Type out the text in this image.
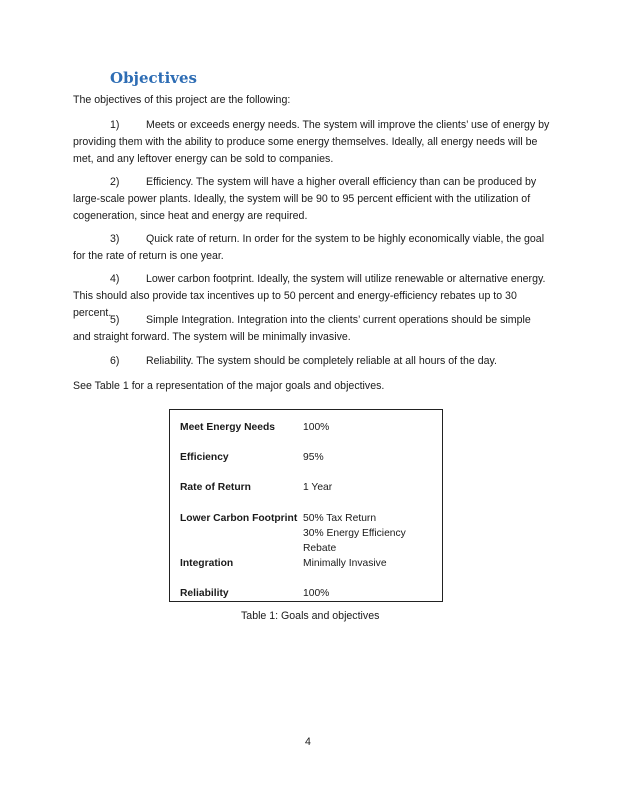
Objectives
The objectives of this project are the following:
1)	Meets or exceeds energy needs. The system will improve the clients’ use of energy by providing them with the ability to produce some energy themselves. Ideally, all energy needs will be met, and any leftover energy can be sold to companies.
2)	Efficiency. The system will have a higher overall efficiency than can be produced by large-scale power plants. Ideally, the system will be 90 to 95 percent efficient with the utilization of cogeneration, since heat and energy are required.
3)	Quick rate of return. In order for the system to be highly economically viable, the goal for the rate of return is one year.
4)	Lower carbon footprint. Ideally, the system will utilize renewable or alternative energy. This should also provide tax incentives up to 50 percent and energy-efficiency rebates up to 30 percent.
5)	Simple Integration. Integration into the clients’ current operations should be simple and straight forward. The system will be minimally invasive.
6)	Reliability. The system should be completely reliable at all hours of the day.
See Table 1 for a representation of the major goals and objectives.
Meet Energy Needs	100%
Efficiency	95%
Rate of Return	1 Year
Lower Carbon Footprint 50% Tax Return
30% Energy Efficiency Rebate
Integration	Minimally Invasive
Reliability	100%
Table 1: Goals and objectives
4
